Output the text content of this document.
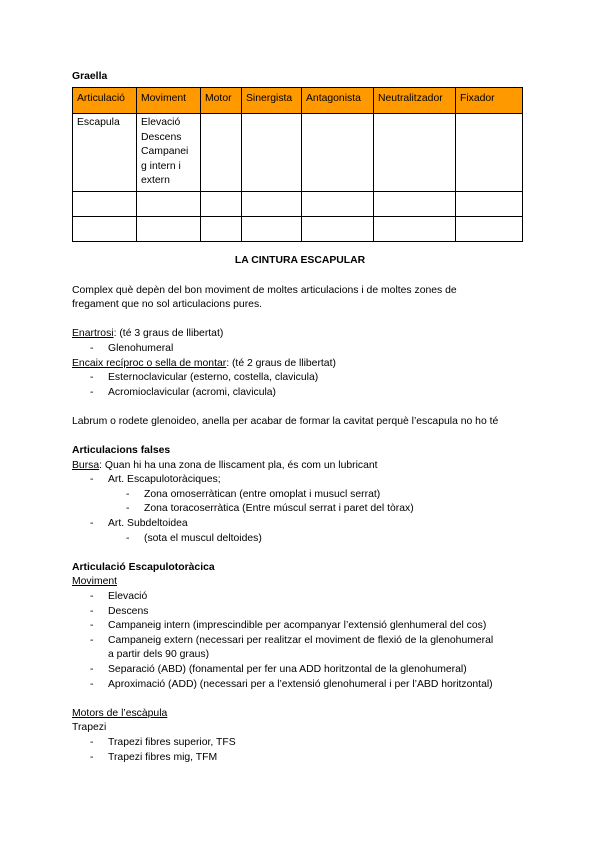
Graella
Articulació	Moviment	Motor	Sinergista	Antagonista	Neutralitzador	Fixador
Escapula	Elevació
Descens
Campanei
g intern i
extern					

LA CINTURA ESCAPULAR

Complex què depèn del bon moviment de moltes articulacions i de moltes zones de

fregament que no sol articulacions pures.

Enartrosi: (té 3 graus de llibertat)

- Glenohumeral

Encaix recíproc o sella de montar: (té 2 graus de llibertat)

- Esternoclavicular (esterno, costella, clavicula)
- Acromioclavicular (acromi, clavicula)

Labrum o rodete glenoideo, anella per acabar de formar la cavitat perquè l’escapula no ho té

Articulacions falses

Bursa: Quan hi ha una zona de lliscament pla, és com un lubricant

- Art. Escapulotoràciques;
- Zona omoserràtican (entre omoplat i musucl serrat)
- Zona toracoserràtica (Entre múscul serrat i paret del tòrax)
- Art. Subdeltoidea
- (sota el muscul deltoides)

Articulació Escapulotoràcica

Moviment

- Elevació
- Descens
- Campaneig intern (imprescindible per acompanyar l’extensió glenhumeral del cos)
- Campaneig extern (necessari per realitzar el moviment de flexió de la glenohumeral
a partir dels 90 graus)
- Separació (ABD) (fonamental per fer una ADD horitzontal de la glenohumeral)
- Aproximació (ADD) (necessari per a l’extensió glenohumeral i per l’ABD horitzontal)

Motors de l’escàpula

Trapezi

- Trapezi fibres superior, TFS
- Trapezi fibres mig, TFM
